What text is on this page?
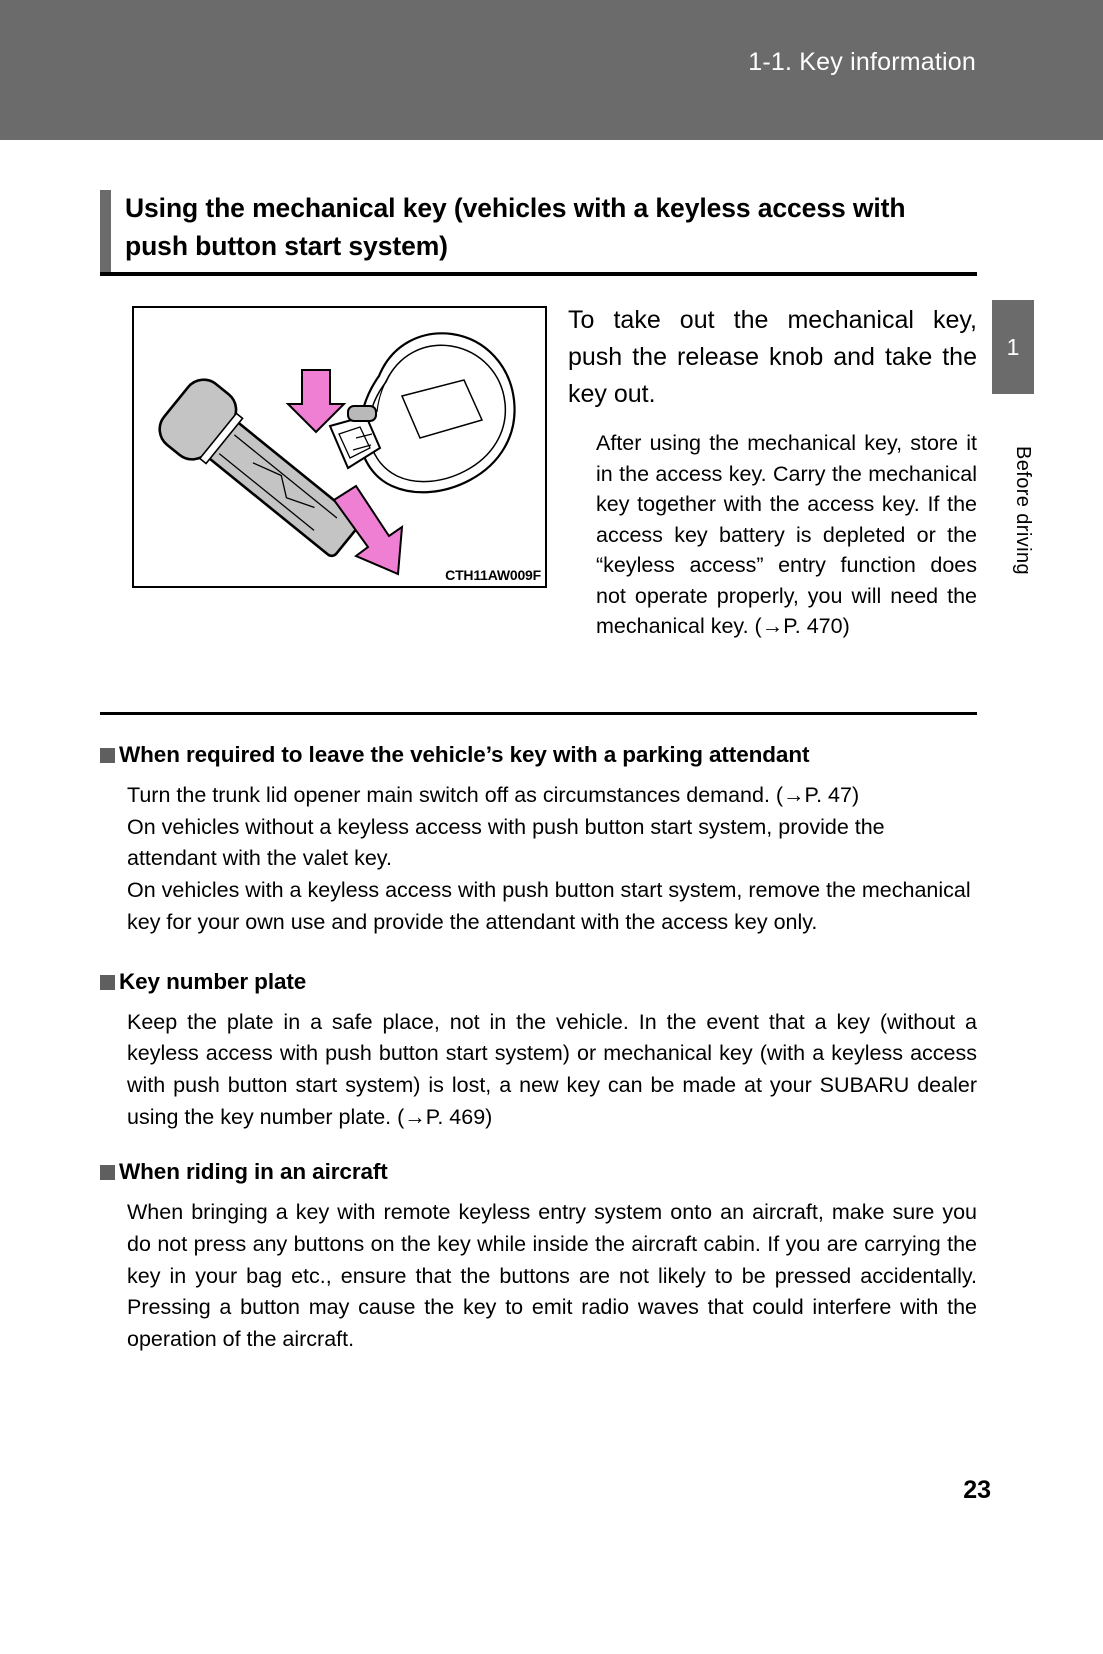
1-1. Key information
1
Before driving
Using the mechanical key (vehicles with a keyless access with
push button start system)
CTH11AW009F
To take out the mechanical key, push the release knob and take the key out.
After using the mechanical key, store it in the access key. Carry the mechanical key together with the access key. If the access key battery is depleted or the “keyless access” entry function does not operate properly, you will need the mechanical key. (→P. 470)
When required to leave the vehicle’s key with a parking attendant
Turn the trunk lid opener main switch off as circumstances demand. (→P. 47)
On vehicles without a keyless access with push button start system, provide the attendant with the valet key.
On vehicles with a keyless access with push button start system, remove the mechanical key for your own use and provide the attendant with the access key only.
Key number plate
Keep the plate in a safe place, not in the vehicle. In the event that a key (without a keyless access with push button start system) or mechanical key (with a keyless access with push button start system) is lost, a new key can be made at your SUBARU dealer using the key number plate. (→P. 469)
When riding in an aircraft
When bringing a key with remote keyless entry system onto an aircraft, make sure you do not press any buttons on the key while inside the aircraft cabin. If you are carrying the key in your bag etc., ensure that the buttons are not likely to be pressed accidentally. Pressing a button may cause the key to emit radio waves that could interfere with the operation of the aircraft.
23
